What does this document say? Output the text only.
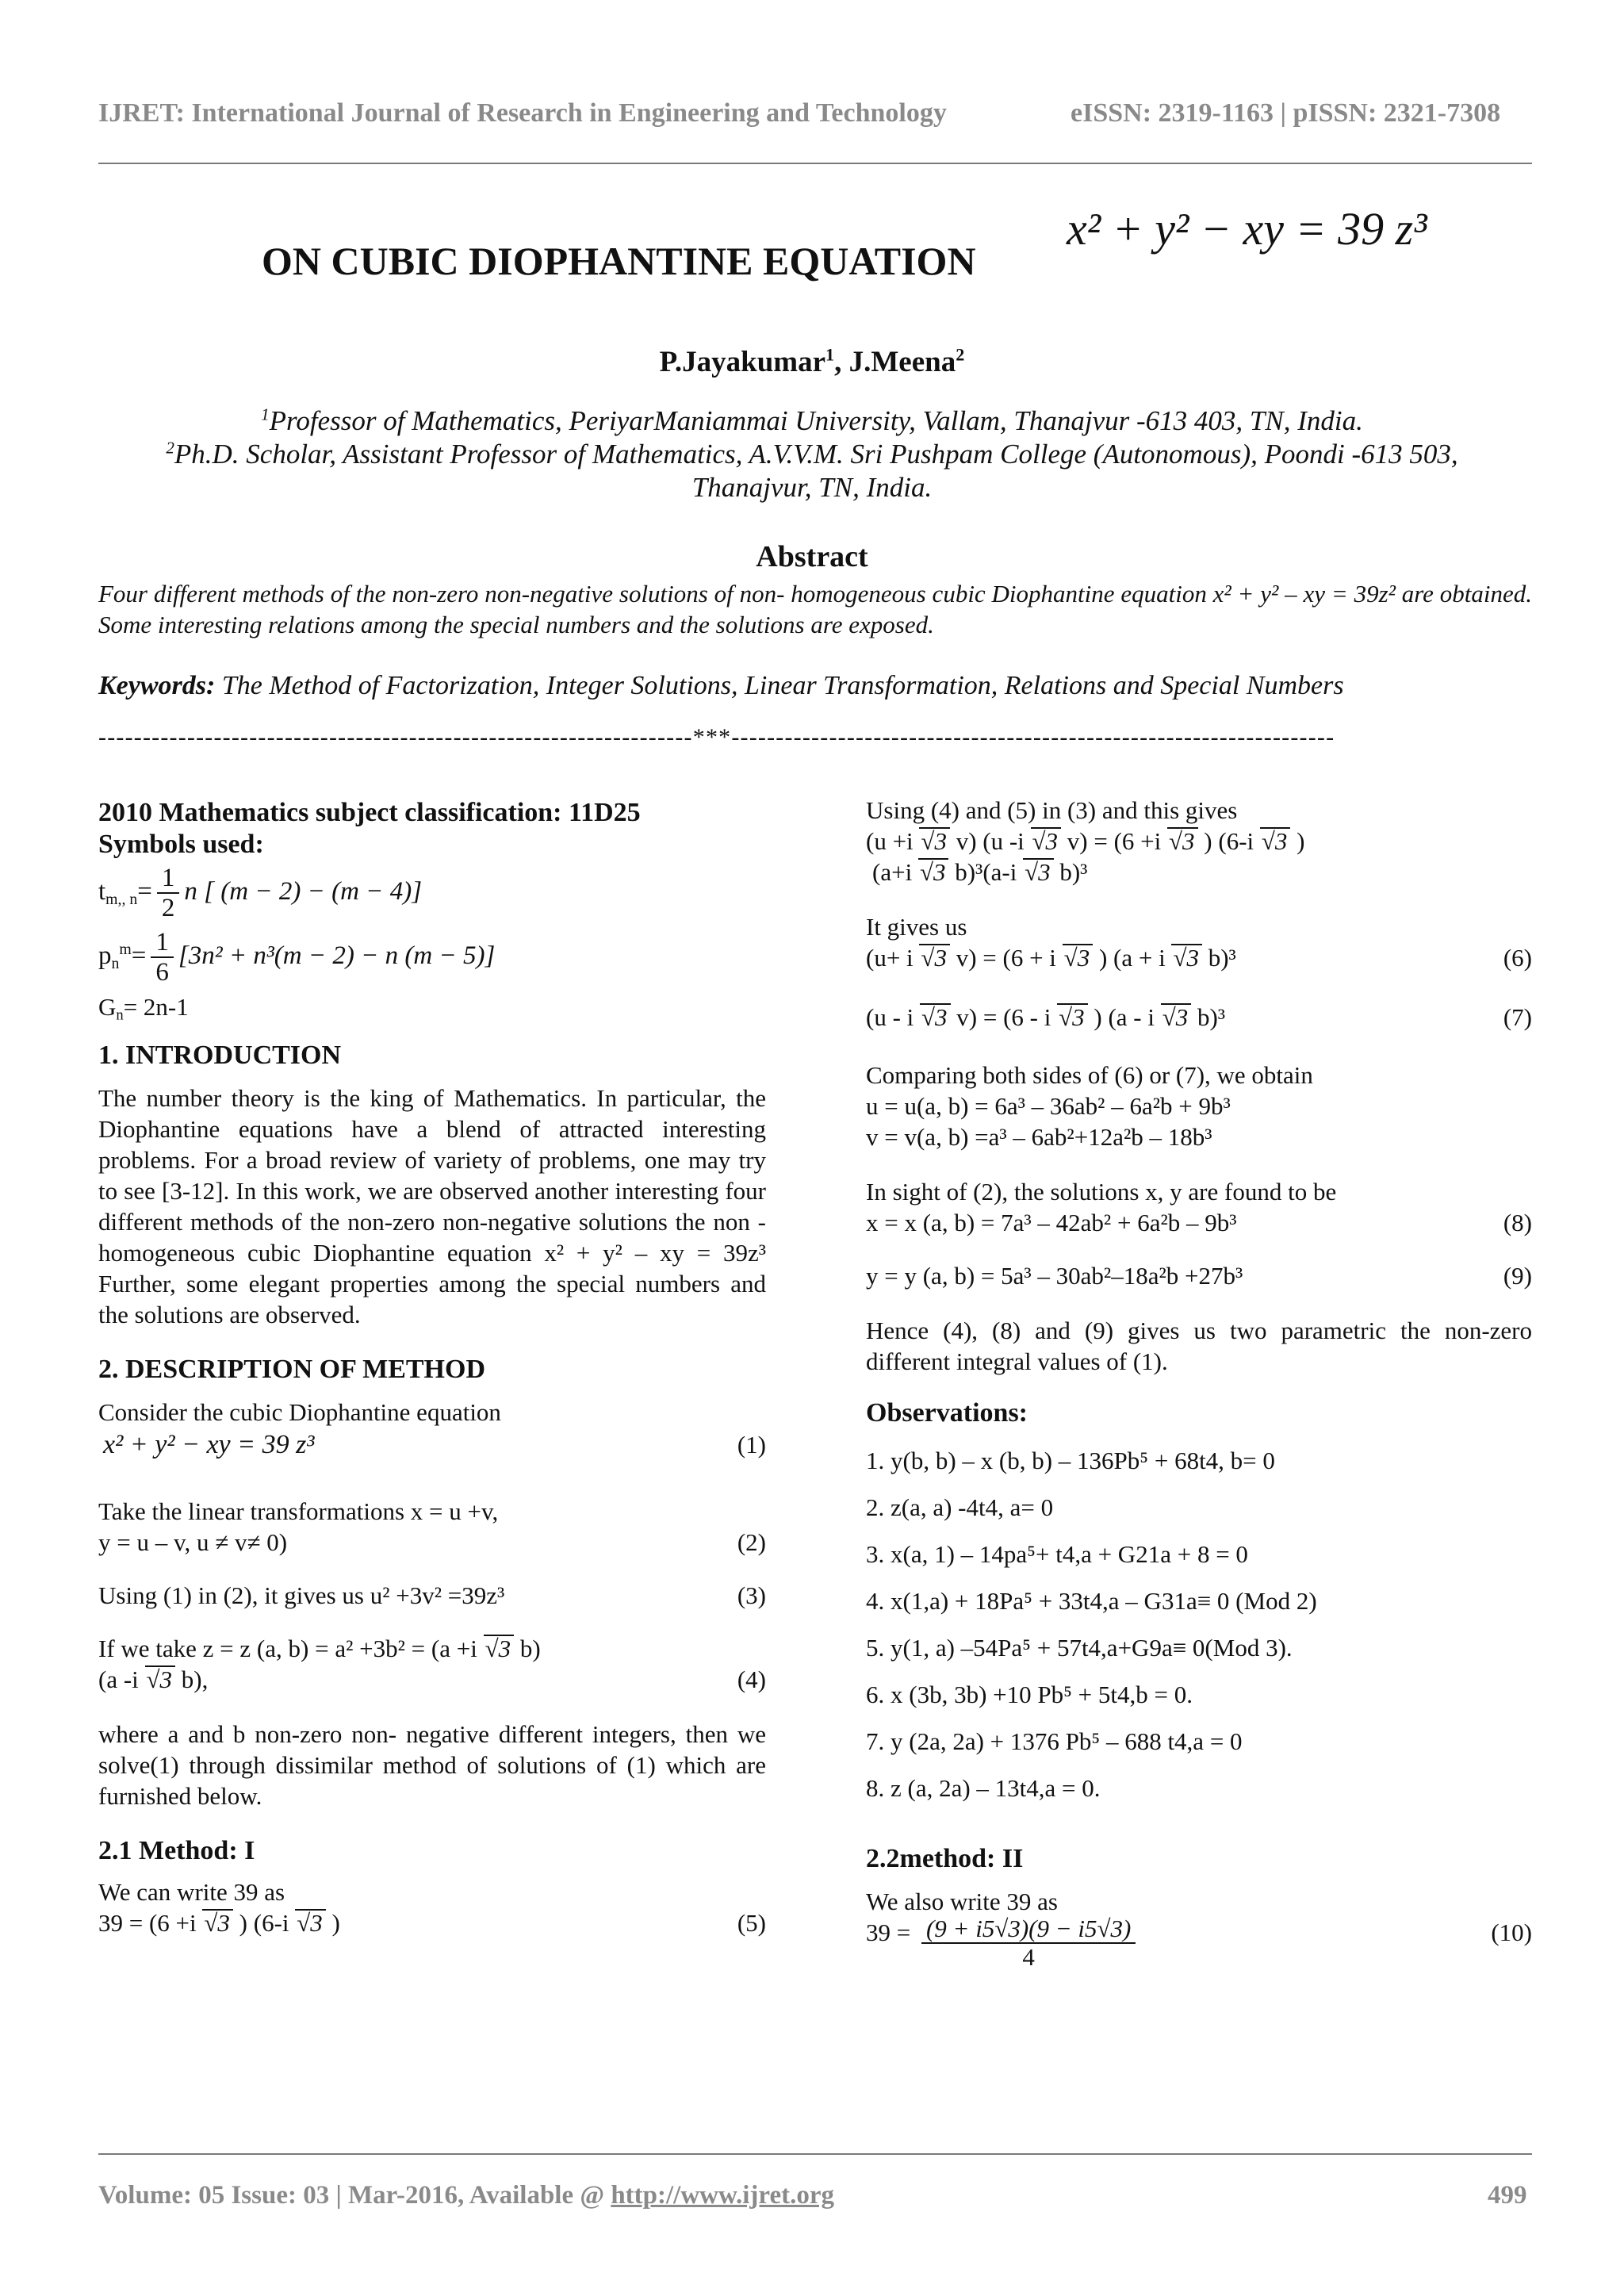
IJRET: International Journal of Research in Engineering and Technology	eISSN: 2319-1163 | pISSN: 2321-7308
ON CUBIC DIOPHANTINE EQUATION
x² + y² − xy = 39 z³
P.Jayakumar$^1$, J.Meena$^2$
$^1$Professor of Mathematics, PeriyarManiammai University, Vallam, Thanajvur -613 403, TN, India.
$^2$Ph.D. Scholar, Assistant Professor of Mathematics, A.V.V.M. Sri Pushpam College (Autonomous), Poondi -613 503,
Thanajvur, TN, India.
Abstract
Four different methods of the non-zero non-negative solutions of non- homogeneous cubic Diophantine equation x² + y² – xy = 39z² are obtained. Some interesting relations among the special numbers and the solutions are exposed.
Keywords: The Method of Factorization, Integer Solutions, Linear Transformation, Relations and Special Numbers
-------------------------------------------------------------------***--------------------------------------------------------------------

2010 Mathematics subject classification: 11D25

Symbols used:

$t_{m,, n}= \frac{1}{2}$ n [ (m − 2) − (m − 4)]

$p_n^m= \frac{1}{6} [3n^2 + n^3(m - 2) - n$ (m − 5)]

$G_n= 2n-1$

1. INTRODUCTION

The number theory is the king of Mathematics. In particular, the Diophantine equations have a blend of attracted interesting problems. For a broad review of variety of problems, one may try to see [3-12]. In this work, we are observed another interesting four different methods of the non-zero non-negative solutions the non - homogeneous cubic Diophantine equation x² + y² – xy = 39z³ Further, some elegant properties among the special numbers and the solutions are observed.

2. DESCRIPTION OF METHOD

Consider the cubic Diophantine equation

x² + y² − xy = 39 z³	(1)

Take the linear transformations x = u +v,

y = u – v, u ≠ v≠ 0)	(2)
Using (1) in (2), it gives us u² +3v² =39z³	(3)

If we take z = z (a, b) = a² +3b² = (a +i √ 3 b)

(a -i √ 3 b),	(4)

where a and b non-zero non- negative different integers, then we solve(1) through dissimilar method of solutions of (1) which are furnished below.

2.1 Method: I

We can write 39 as

39 = (6 +i √ 3 ) (6-i √ 3 )	(5)

Using (4) and (5) in (3) and this gives

(u +i √ 3 v) (u -i √ 3 v) = (6 +i √ 3 ) (6-i √ 3 )

(a+i √ 3 b)³(a-i √ 3 b)³

It gives us

(u+ i √ 3 v) = (6 + i √ 3 ) (a + i √ 3 b)³	(6)
(u - i √ 3 v) = (6 - i √ 3 ) (a - i √ 3 b)³	(7)

Comparing both sides of (6) or (7), we obtain

u = u(a, b) = 6a³ – 36ab² – 6a²b + 9b³

v = v(a, b) =a³ – 6ab²+12a²b – 18b³

In sight of (2), the solutions x, y are found to be

x = x (a, b) = 7a³ – 42ab² + 6a²b – 9b³	(8)
y = y (a, b) = 5a³ – 30ab²–18a²b +27b³	(9)

Hence (4), (8) and (9) gives us two parametric the non-zero different integral values of (1).

Observations:

1. y(b, b) – x (b, b) – 136Pb⁵ + 68t4, b= 0

2. z(a, a) -4t4, a= 0

3. x(a, 1) – 14pa⁵+ t4,a + G21a + 8 = 0

4. x(1,a) + 18Pa⁵ + 33t4,a – G31a≡ 0 (Mod 2)

5. y(1, a) –54Pa⁵ + 57t4,a+G9a≡ 0(Mod 3).

6. x (3b, 3b) +10 Pb⁵ + 5t4,b = 0.

7. y (2a, 2a) + 1376 Pb⁵ – 688 t4,a = 0

8. z (a, 2a) – 13t4,a = 0.

2.2method: II

We also write 39 as

$39 = \frac{(9 + i5√3)(9 - i5√3)}{4}$	(10)
Volume: 05 Issue: 03 | Mar-2016, Available @ http://www.ijret.org	499
